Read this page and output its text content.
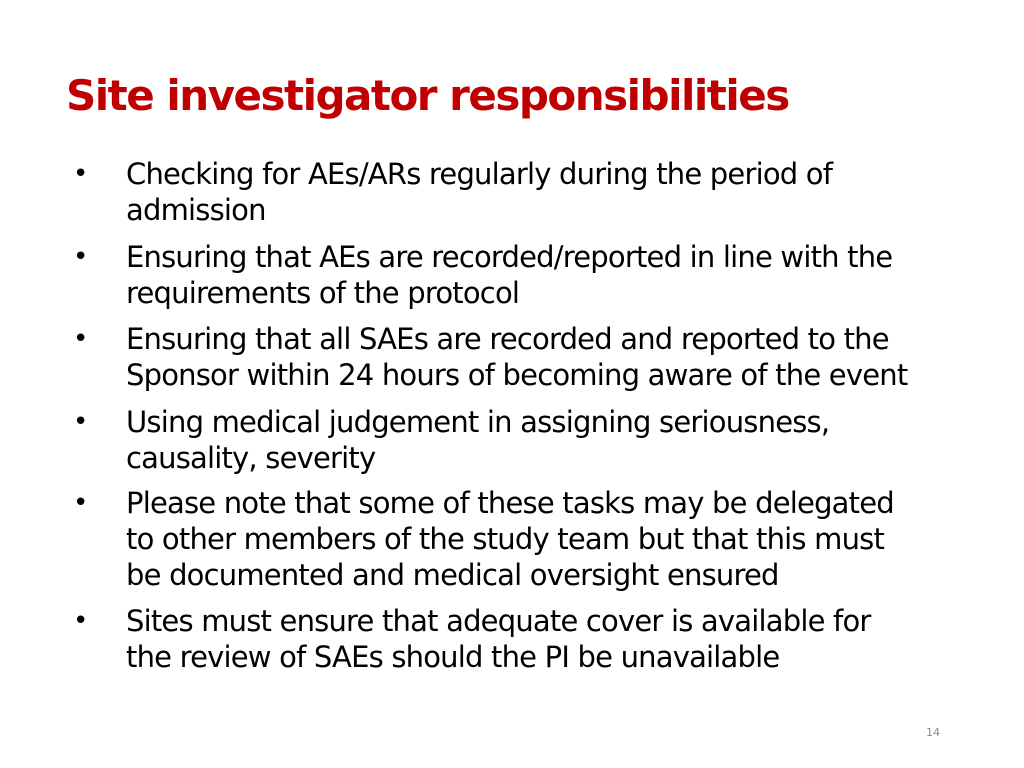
Site investigator responsibilities
• Checking for AEs/ARs regularly during the period of
admission

• Ensuring that AEs are recorded/reported in line with the
requirements of the protocol

• Ensuring that all SAEs are recorded and reported to the
Sponsor within 24 hours of becoming aware of the event

• Using medical judgement in assigning seriousness,
causality, severity

• Please note that some of these tasks may be delegated
to other members of the study team but that this must
be documented and medical oversight ensured

• Sites must ensure that adequate cover is available for
the review of SAEs should the PI be unavailable

14
